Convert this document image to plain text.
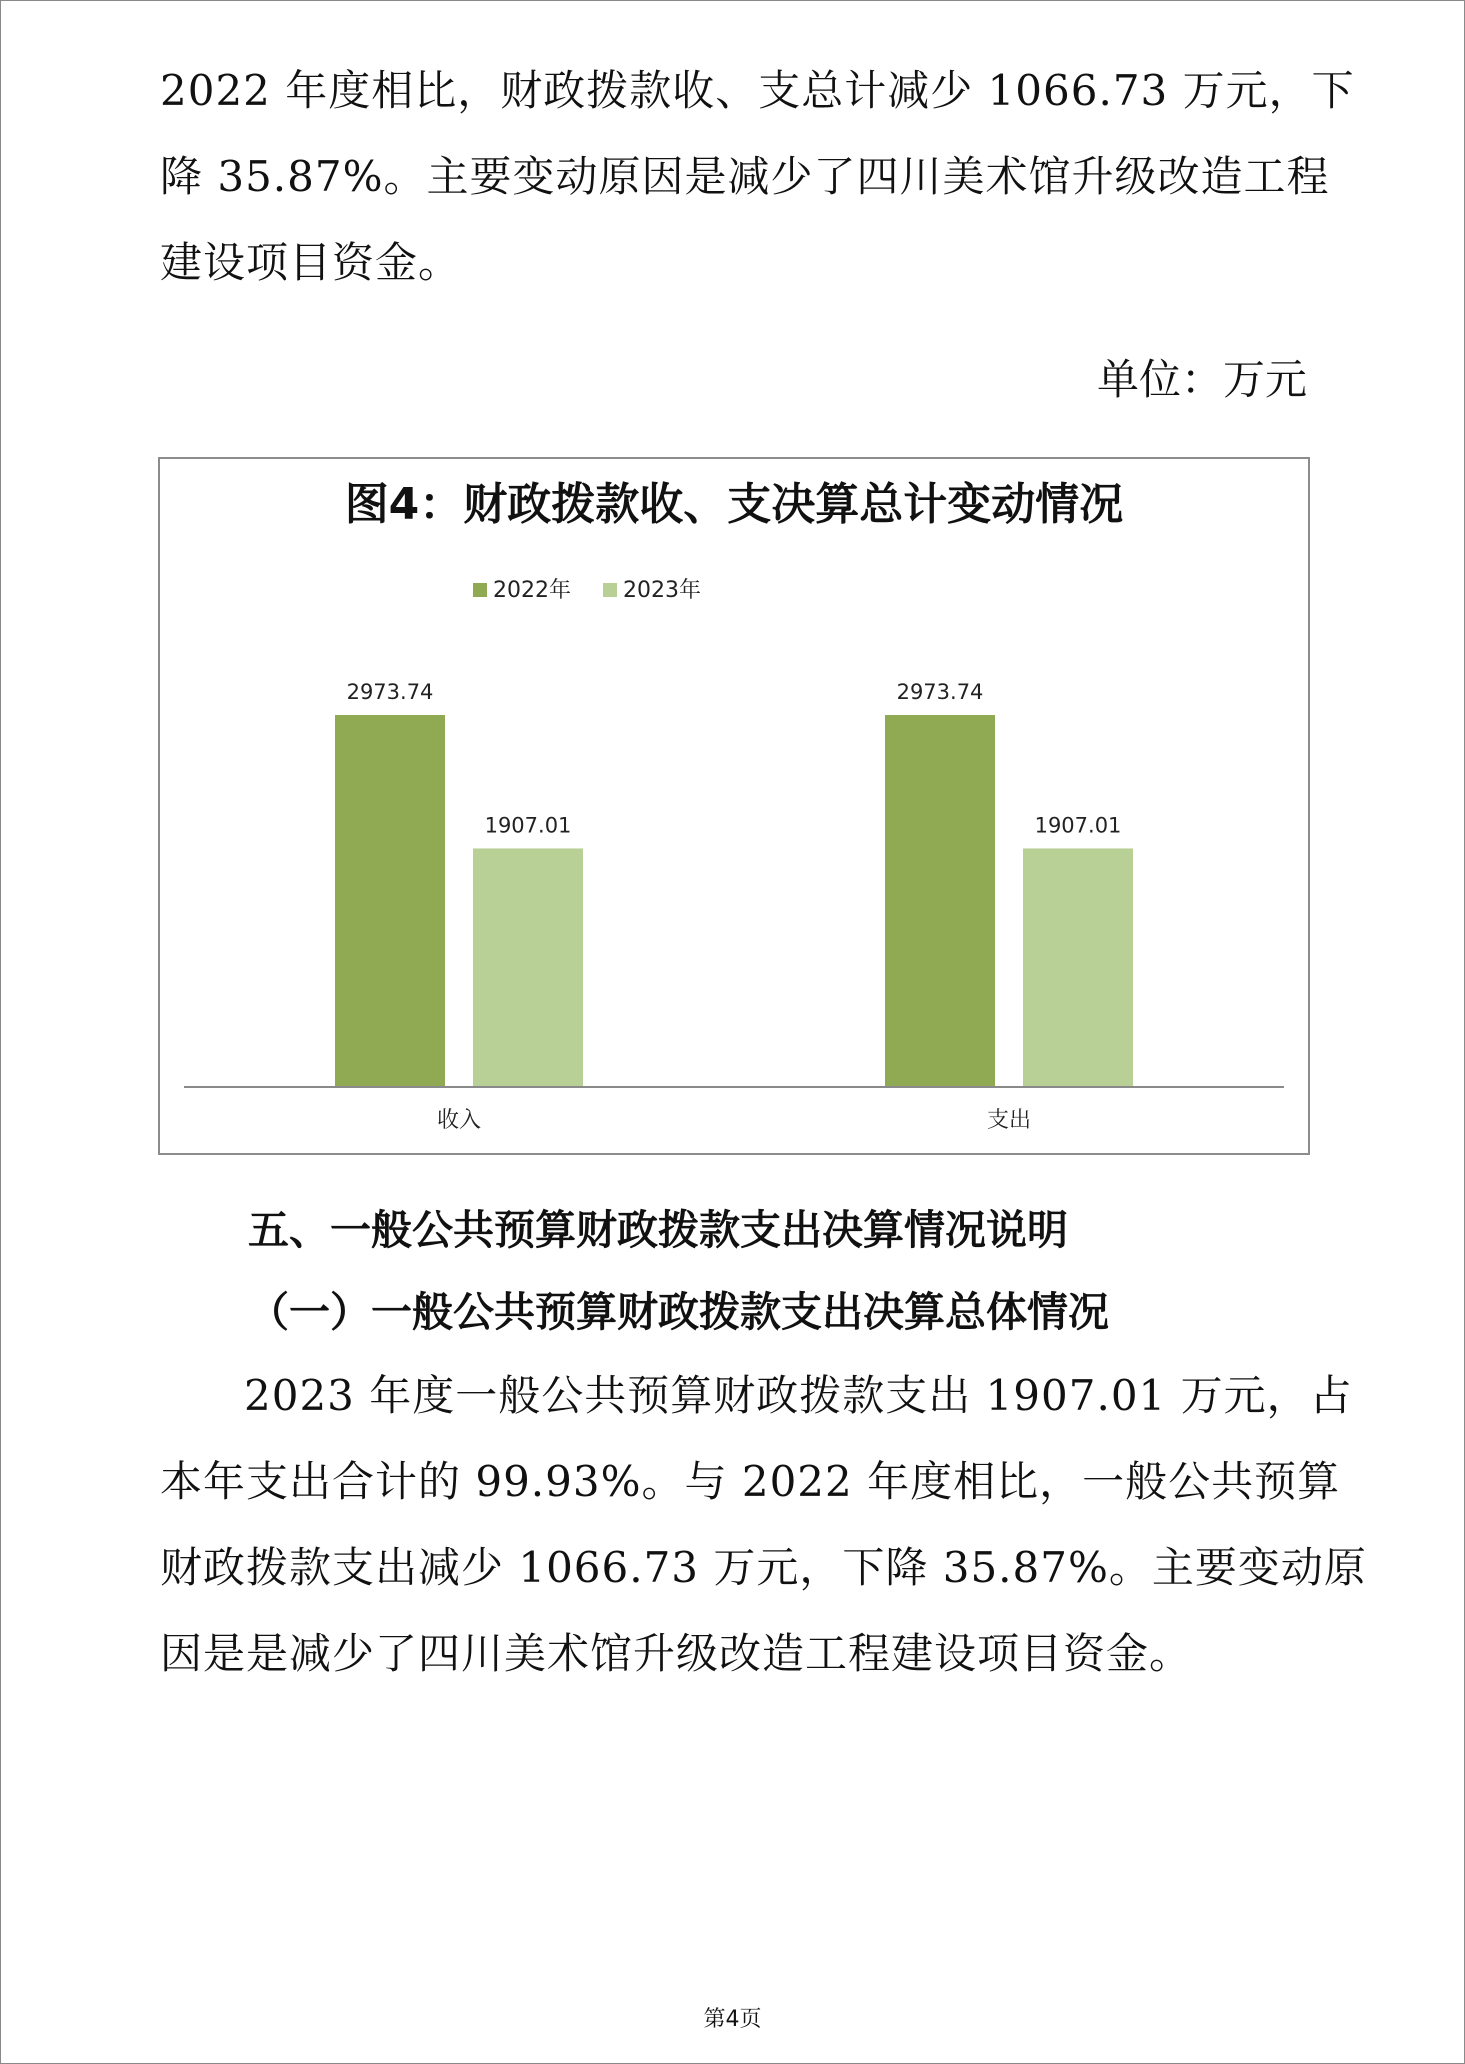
2022 年度相比，财政拨款收、支总计减少 1066.73 万元，下
降 35.87%。主要变动原因是减少了四川美术馆升级改造工程
建设项目资金。

单位：万元

图4：财政拨款收、支决算总计变动情况
2022年 2023年
2973.74
1907.01
收入
2973.74
1907.01
支出

五、一般公共预算财政拨款支出决算情况说明

（一）一般公共预算财政拨款支出决算总体情况

2023 年度一般公共预算财政拨款支出 1907.01 万元，占
本年支出合计的 99.93%。与 2022 年度相比，一般公共预算
财政拨款支出减少 1066.73 万元，下降 35.87%。主要变动原
因是是减少了四川美术馆升级改造工程建设项目资金。
第4页
